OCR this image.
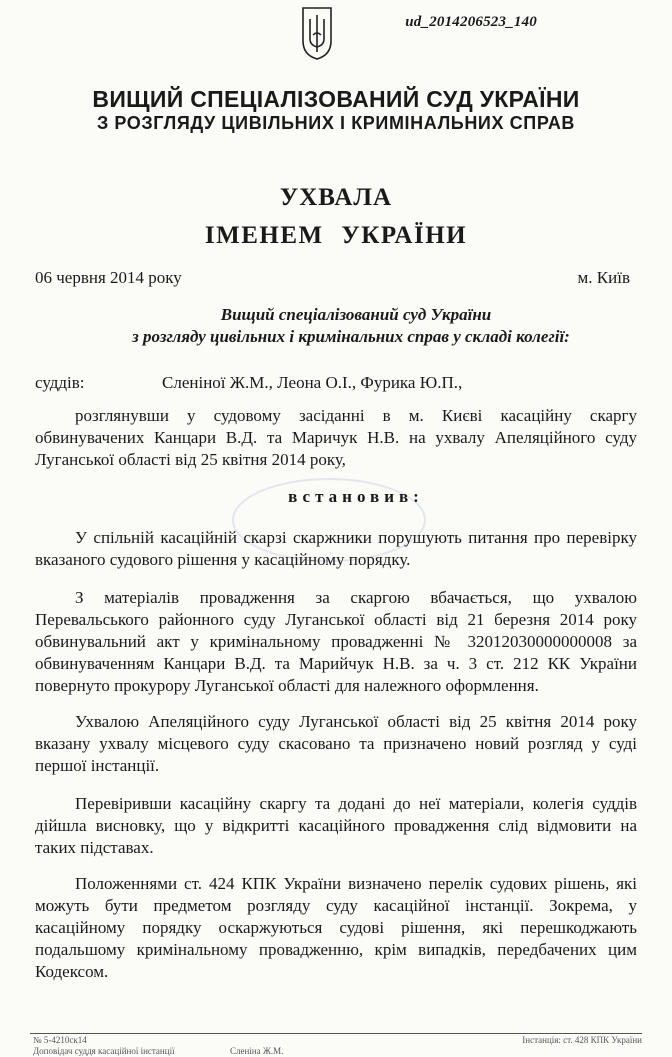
ud_2014206523_140
ВИЩИЙ СПЕЦІАЛІЗОВАНИЙ СУД УКРАЇНИ
З РОЗГЛЯДУ ЦИВІЛЬНИХ І КРИМІНАЛЬНИХ СПРАВ
УХВАЛА
ІМЕНЕМ УКРАЇНИ
06 червня 2014 року	м. Київ
Вищий спеціалізований суд України
з розгляду цивільних і кримінальних справ у складі колегії:
суддів:	Сленіної Ж.М., Леона О.І., Фурика Ю.П.,
розглянувши у судовому засіданні в м. Києві касаційну скаргу обвинувачених Канцари В.Д. та Маричук Н.В. на ухвалу Апеляційного суду Луганської області від 25 квітня 2014 року,
встановив:
У спільній касаційній скарзі скаржники порушують питання про перевірку вказаного судового рішення у касаційному порядку.
З матеріалів провадження за скаргою вбачається, що ухвалою Перевальського районного суду Луганської області від 21 березня 2014 року обвинувальний акт у кримінальному провадженні № 32012030000000008 за обвинуваченням Канцари В.Д. та Марийчук Н.В. за ч. 3 ст. 212 КК України повернуто прокурору Луганської області для належного оформлення.
Ухвалою Апеляційного суду Луганської області від 25 квітня 2014 року вказану ухвалу місцевого суду скасовано та призначено новий розгляд у суді першої інстанції.
Перевіривши касаційну скаргу та додані до неї матеріали, колегія суддів дійшла висновку, що у відкритті касаційного провадження слід відмовити на таких підставах.
Положеннями ст. 424 КПК України визначено перелік судових рішень, які можуть бути предметом розгляду суду касаційної інстанції. Зокрема, у касаційному порядку оскаржуються судові рішення, які перешкоджають подальшому кримінальному провадженню, крім випадків, передбачених цим Кодексом.
№ 5-4210ск14
Доповідач суддя касаційної інстанції	Сленіна Ж.М.
Інстанція: ст. 428 КПК України
